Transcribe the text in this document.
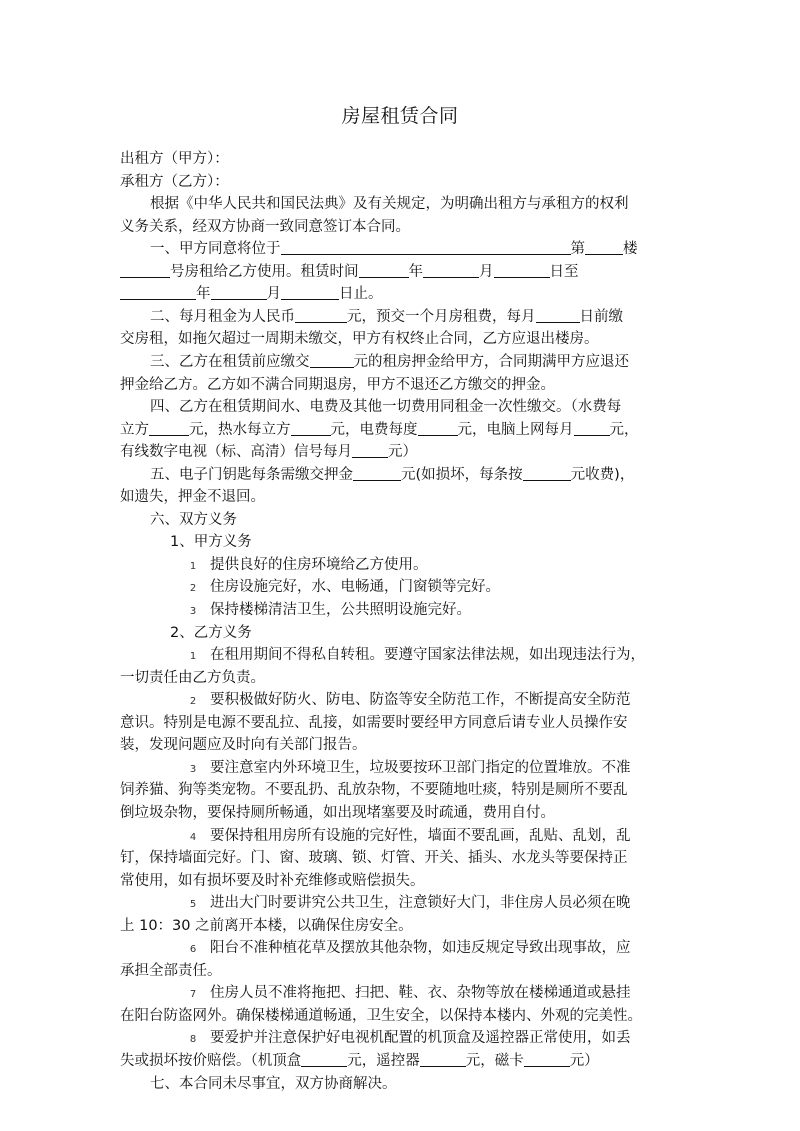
房屋租赁合同
出租方（甲方）：
承租方（乙方）：
根据《中华人民共和国民法典》及有关规定，为明确出租方与承租方的权利
义务关系，经双方协商一致同意签订本合同。
一、甲方同意将位于	第	楼
号房租给乙方使用。租赁时间	年	月	日至
年	月	日止。
二、每月租金为人民币	元，预交一个月房租费，每月	日前缴
交房租，如拖欠超过一周期未缴交，甲方有权终止合同，乙方应退出楼房。
三、乙方在租赁前应缴交	元的租房押金给甲方，合同期满甲方应退还
押金给乙方。乙方如不满合同期退房，甲方不退还乙方缴交的押金。
四、乙方在租赁期间水、电费及其他一切费用同租金一次性缴交。（水费每
立方	元，热水每立方	元，电费每度	元，电脑上网每月 元，
有线数字电视（标、高清）信号每月 元）
五、电子门钥匙每条需缴交押金	元(如损坏，每条按	元收费)，
如遗失，押金不退回。
六、双方义务
1、甲方义务
1 提供良好的住房环境给乙方使用。
2 住房设施完好，水、电畅通，门窗锁等完好。
3 保持楼梯清洁卫生，公共照明设施完好。
2、乙方义务
1 在租用期间不得私自转租。要遵守国家法律法规，如出现违法行为，
一切责任由乙方负责。
2 要积极做好防火、防电、防盗等安全防范工作，不断提高安全防范
意识。特别是电源不要乱拉、乱接，如需要时要经甲方同意后请专业人员操作安
装，发现问题应及时向有关部门报告。
3 要注意室内外环境卫生，垃圾要按环卫部门指定的位置堆放。不准
饲养猫、狗等类宠物。不要乱扔、乱放杂物，不要随地吐痰，特别是厕所不要乱
倒垃圾杂物，要保持厕所畅通，如出现堵塞要及时疏通，费用自付。
4 要保持租用房所有设施的完好性，墙面不要乱画，乱贴、乱划，乱
钉，保持墙面完好。门、窗、玻璃、锁、灯管、开关、插头、水龙头等要保持正
常使用，如有损坏要及时补充维修或赔偿损失。
5 进出大门时要讲究公共卫生，注意锁好大门，非住房人员必须在晚
上 10：30 之前离开本楼，以确保住房安全。
6 阳台不准种植花草及摆放其他杂物，如违反规定导致出现事故，应
承担全部责任。
7 住房人员不准将拖把、扫把、鞋、衣、杂物等放在楼梯通道或悬挂
在阳台防盗网外。确保楼梯通道畅通，卫生安全，以保持本楼内、外观的完美性。
8 要爱护并注意保护好电视机配置的机顶盒及遥控器正常使用，如丢
失或损坏按价赔偿。（机顶盒	元，遥控器	元，磁卡	元）
七、本合同未尽事宜，双方协商解决。
